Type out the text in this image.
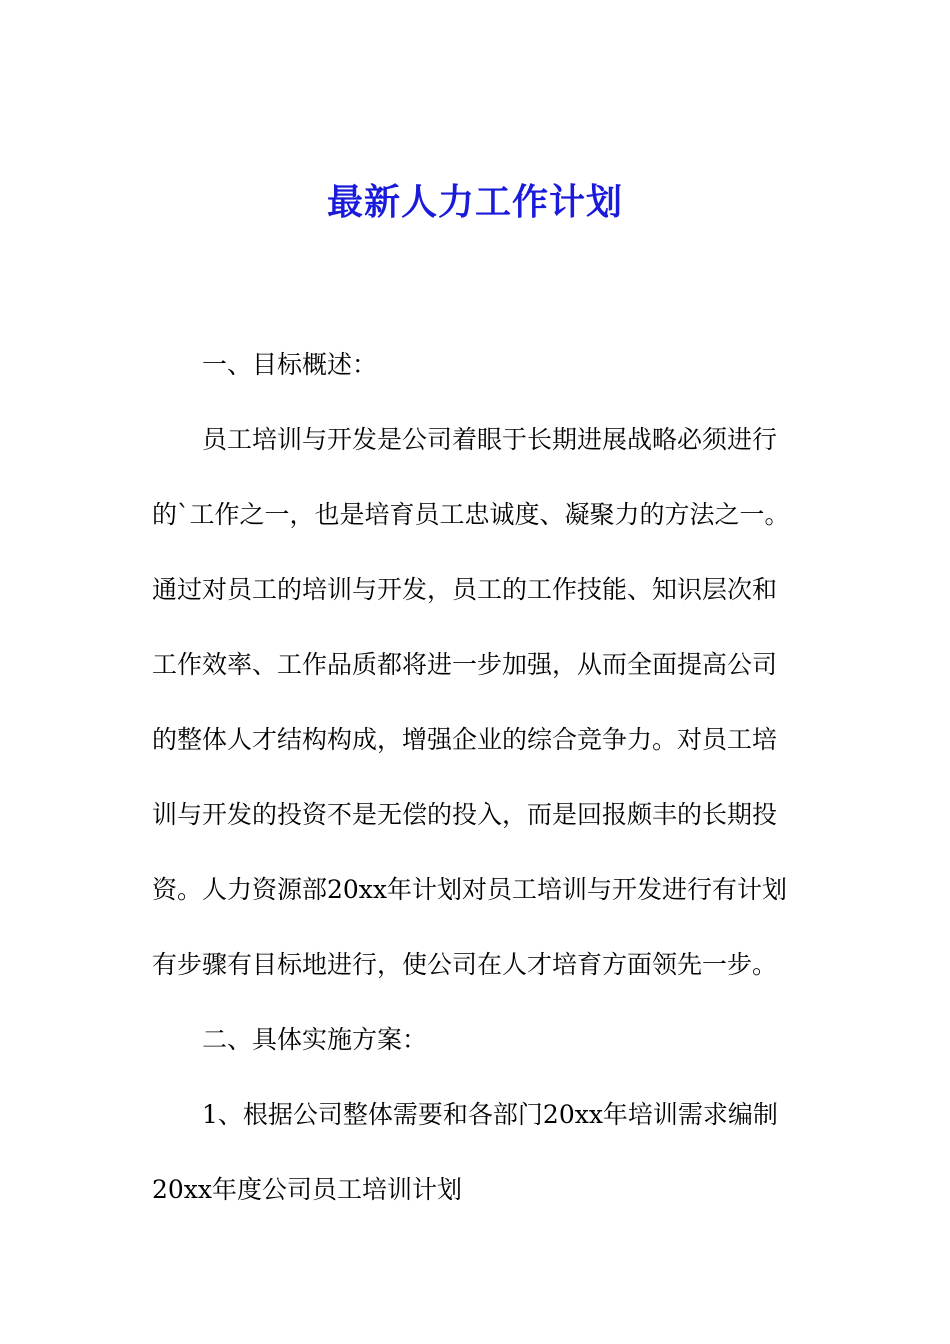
最新人力工作计划
一、目标概述：
员工培训与开发是公司着眼于长期进展战略必须进行
的`工作之一，也是培育员工忠诚度、凝聚力的方法之一。
通过对员工的培训与开发，员工的工作技能、知识层次和
工作效率、工作品质都将进一步加强，从而全面提高公司
的整体人才结构构成，增强企业的综合竞争力。对员工培
训与开发的投资不是无偿的投入，而是回报颇丰的长期投
资。人力资源部20xx年计划对员工培训与开发进行有计划
有步骤有目标地进行，使公司在人才培育方面领先一步。
二、具体实施方案：
1、根据公司整体需要和各部门20xx年培训需求编制
20xx年度公司员工培训计划
